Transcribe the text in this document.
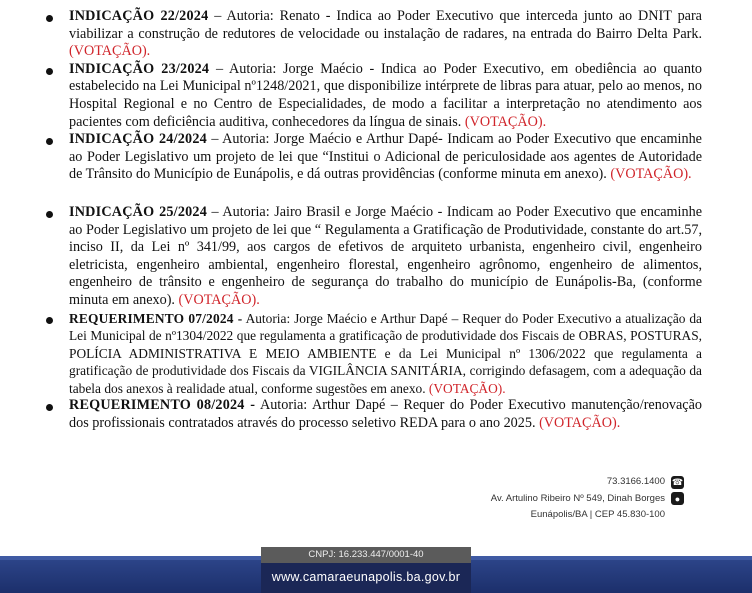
INDICAÇÃO 22/2024 – Autoria: Renato - Indica ao Poder Executivo que interceda junto ao DNIT para viabilizar a construção de redutores de velocidade ou instalação de radares, na entrada do Bairro Delta Park. (VOTAÇÃO).
INDICAÇÃO 23/2024 – Autoria: Jorge Maécio - Indica ao Poder Executivo, em obediência ao quanto estabelecido na Lei Municipal nº1248/2021, que disponibilize intérprete de libras para atuar, pelo ao menos, no Hospital Regional e no Centro de Especialidades, de modo a facilitar a interpretação no atendimento aos pacientes com deficiência auditiva, conhecedores da língua de sinais. (VOTAÇÃO).
INDICAÇÃO 24/2024 – Autoria: Jorge Maécio e Arthur Dapé- Indicam ao Poder Executivo que encaminhe ao Poder Legislativo um projeto de lei que “Institui o Adicional de periculosidade aos agentes de Autoridade de Trânsito do Município de Eunápolis, e dá outras providências (conforme minuta em anexo). (VOTAÇÃO).
INDICAÇÃO 25/2024 – Autoria: Jairo Brasil e Jorge Maécio - Indicam ao Poder Executivo que encaminhe ao Poder Legislativo um projeto de lei que “ Regulamenta a Gratificação de Produtividade, constante do art.57, inciso II, da Lei nº 341/99, aos cargos de efetivos de arquiteto urbanista, engenheiro civil, engenheiro eletricista, engenheiro ambiental, engenheiro florestal, engenheiro agrônomo, engenheiro de alimentos, engenheiro de trânsito e engenheiro de segurança do trabalho do município de Eunápolis-Ba, (conforme minuta em anexo). (VOTAÇÃO).
REQUERIMENTO 07/2024 - Autoria: Jorge Maécio e Arthur Dapé – Requer do Poder Executivo a atualização da Lei Municipal de nº1304/2022 que regulamenta a gratificação de produtividade dos Fiscais de OBRAS, POSTURAS, POLÍCIA ADMINISTRATIVA E MEIO AMBIENTE e da Lei Municipal nº 1306/2022 que regulamenta a gratificação de produtividade dos Fiscais da VIGILÂNCIA SANITÁRIA, corrigindo defasagem, com a adequação da tabela dos anexos à realidade atual, conforme sugestões em anexo. (VOTAÇÃO).
REQUERIMENTO 08/2024 - Autoria: Arthur Dapé – Requer do Poder Executivo manutenção/renovação dos profissionais contratados através do processo seletivo REDA para o ano 2025. (VOTAÇÃO).
73.3166.1400 ☎
Av. Artulino Ribeiro Nº 549, Dinah Borges	●
Eunápolis/BA | CEP 45.830-100
CNPJ: 16.233.447/0001-40
www.camaraeunapolis.ba.gov.br
